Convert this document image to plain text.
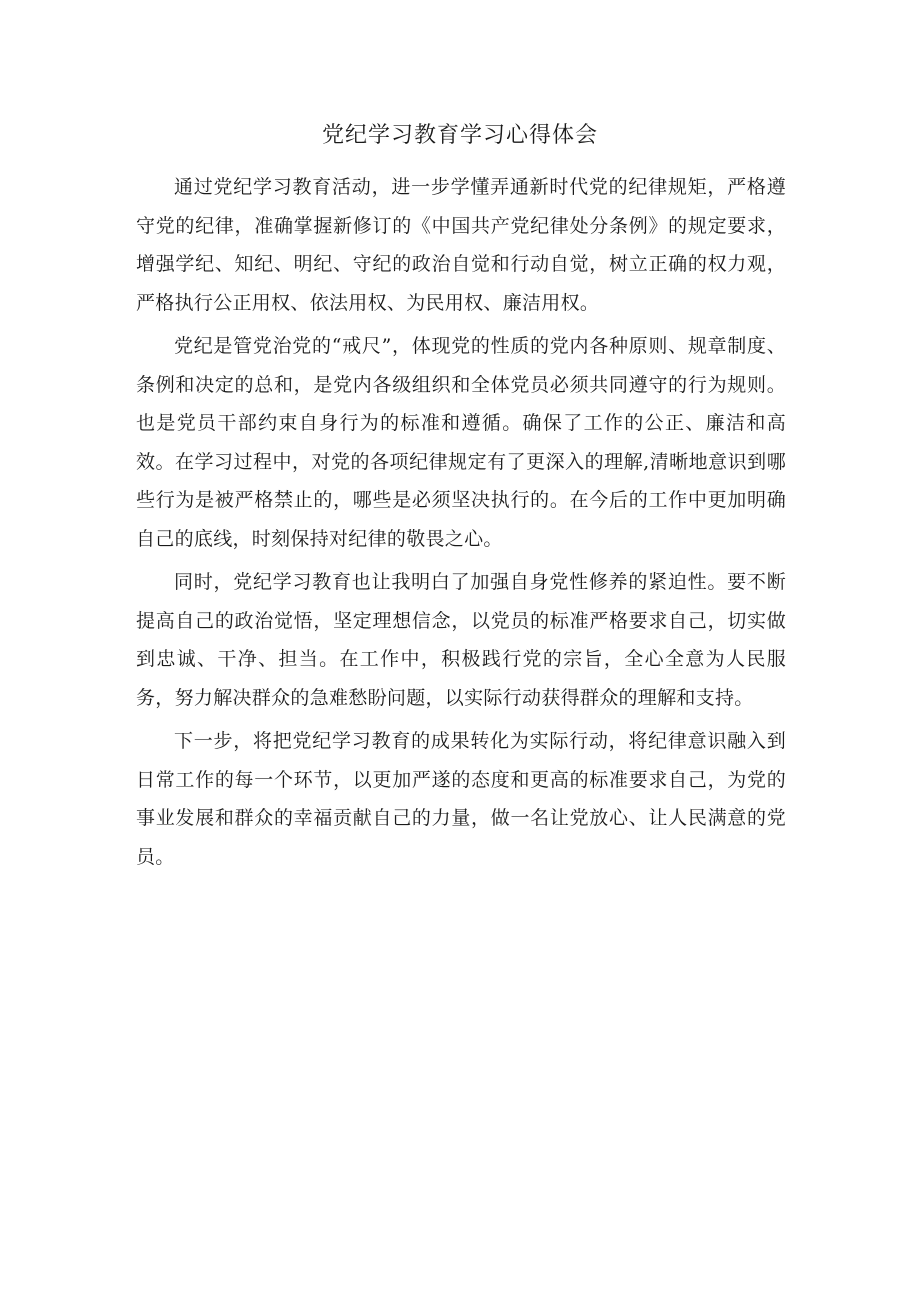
党纪学习教育学习心得体会

通过党纪学习教育活动，进一步学懂弄通新时代党的纪律规矩，严格遵守党的纪律，准确掌握新修订的《中国共产党纪律处分条例》的规定要求，增强学纪、知纪、明纪、守纪的政治自觉和行动自觉，树立正确的权力观，严格执行公正用权、依法用权、为民用权、廉洁用权。

党纪是管党治党的“戒尺”，体现党的性质的党内各种原则、规章制度、条例和决定的总和，是党内各级组织和全体党员必须共同遵守的行为规则。也是党员干部约束自身行为的标准和遵循。确保了工作的公正、廉洁和高效。在学习过程中，对党的各项纪律规定有了更深入的理解,清晰地意识到哪些行为是被严格禁止的，哪些是必须坚决执行的。在今后的工作中更加明确自己的底线，时刻保持对纪律的敬畏之心。

同时，党纪学习教育也让我明白了加强自身党性修养的紧迫性。要不断提高自己的政治觉悟，坚定理想信念，以党员的标准严格要求自己，切实做到忠诚、干净、担当。在工作中，积极践行党的宗旨，全心全意为人民服务，努力解决群众的急难愁盼问题，以实际行动获得群众的理解和支持。

下一步，将把党纪学习教育的成果转化为实际行动，将纪律意识融入到日常工作的每一个环节，以更加严遂的态度和更高的标准要求自己，为党的事业发展和群众的幸福贡献自己的力量，做一名让党放心、让人民满意的党员。
